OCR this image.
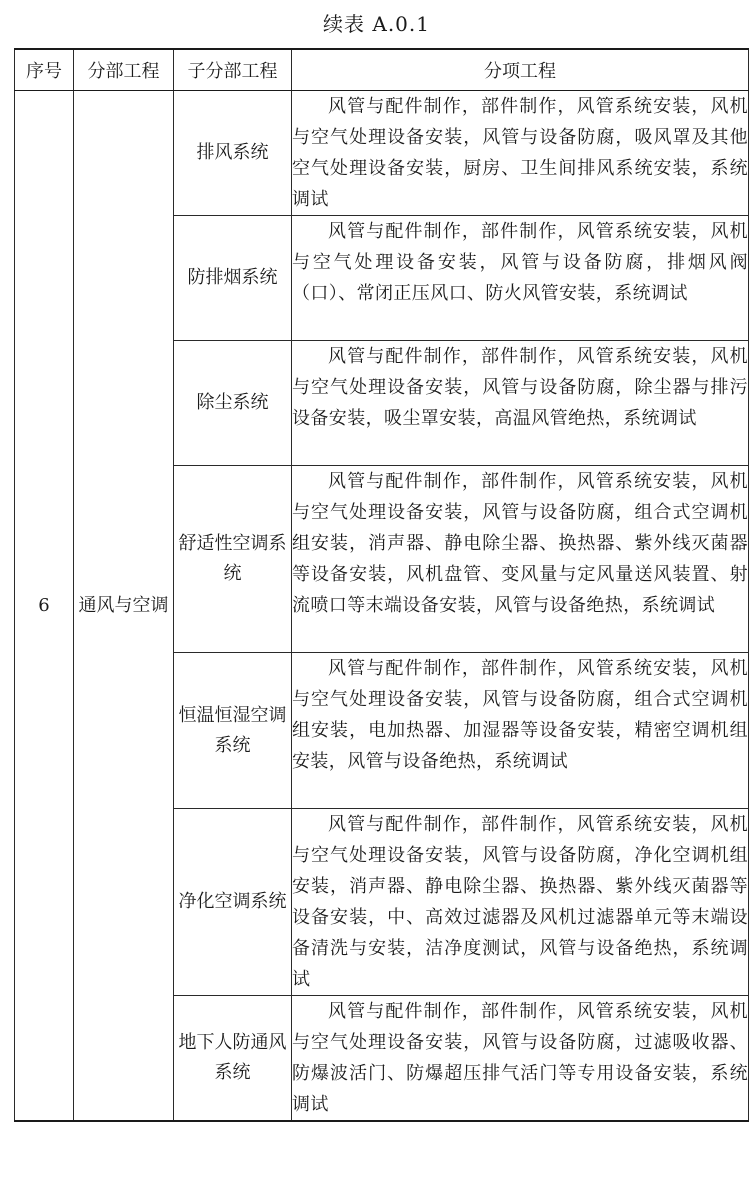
续表 A.0.1
序号	分部工程	子分部工程	分项工程
6	通风与空调	排风系统	风管与配件制作，部件制作，风管系统安装，风机与空气处理设备安装，风管与设备防腐，吸风罩及其他空气处理设备安装，厨房、卫生间排风系统安装，系统调试
		防排烟系统	风管与配件制作，部件制作，风管系统安装，风机与空气处理设备安装，风管与设备防腐，排烟风阀（口）、常闭正压风口、防火风管安装，系统调试
		除尘系统	风管与配件制作，部件制作，风管系统安装，风机与空气处理设备安装，风管与设备防腐，除尘器与排污设备安装，吸尘罩安装，高温风管绝热，系统调试
		舒适性空调系统	风管与配件制作，部件制作，风管系统安装，风机与空气处理设备安装，风管与设备防腐，组合式空调机组安装，消声器、静电除尘器、换热器、紫外线灭菌器等设备安装，风机盘管、变风量与定风量送风装置、射流喷口等末端设备安装，风管与设备绝热，系统调试
		恒温恒湿空调系统	风管与配件制作，部件制作，风管系统安装，风机与空气处理设备安装，风管与设备防腐，组合式空调机组安装，电加热器、加湿器等设备安装，精密空调机组安装，风管与设备绝热，系统调试
		净化空调系统	风管与配件制作，部件制作，风管系统安装，风机与空气处理设备安装，风管与设备防腐，净化空调机组安装，消声器、静电除尘器、换热器、紫外线灭菌器等设备安装，中、高效过滤器及风机过滤器单元等末端设备清洗与安装，洁净度测试，风管与设备绝热，系统调试
		地下人防通风系统	风管与配件制作，部件制作，风管系统安装，风机与空气处理设备安装，风管与设备防腐，过滤吸收器、防爆波活门、防爆超压排气活门等专用设备安装，系统调试
